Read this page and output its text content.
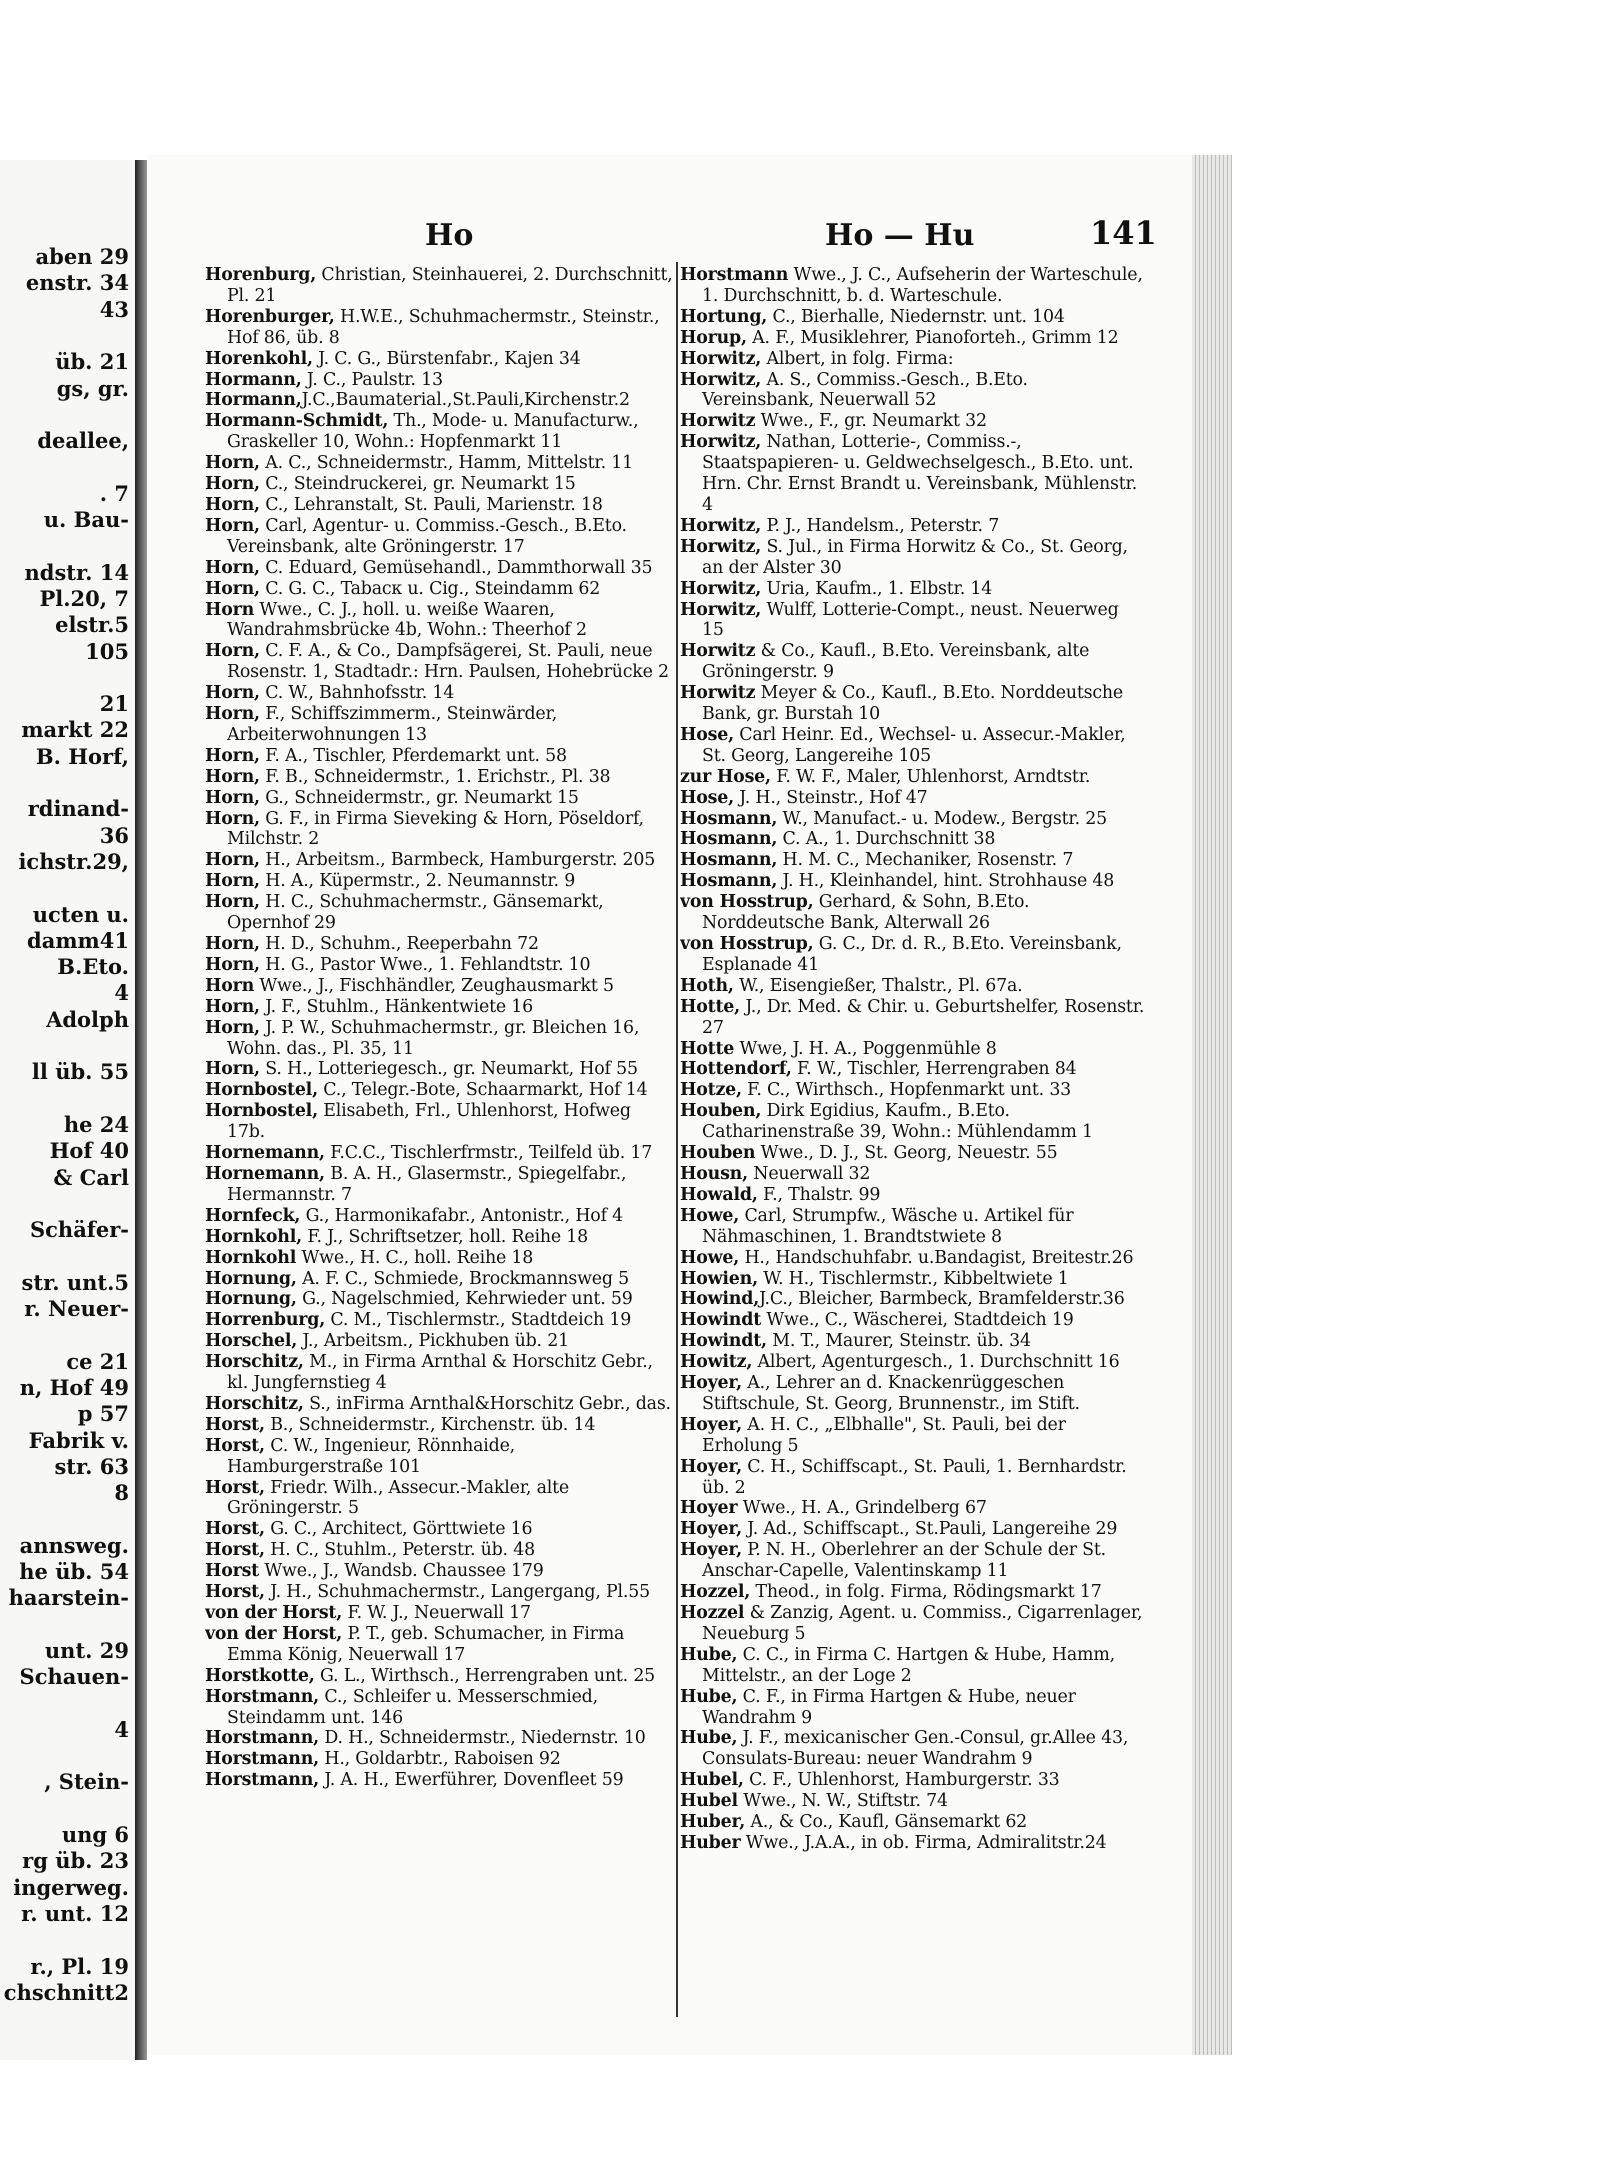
aben 29
enstr. 34
43
üb. 21
gs, gr.
deallee,
. 7
u. Bau-
ndstr. 14
Pl.20, 7
elstr.5
105
21
markt 22
B. Horf,
rdinand-
36
ichstr.29,
ucten u.
damm41
B.Eto.
4
Adolph
ll üb. 55
he 24
Hof 40
& Carl
Schäfer-
str. unt.5
r. Neuer-
ce 21
n, Hof 49
p 57
Fabrik v.
str. 63
8
annsweg.
he üb. 54
haarstein-
unt. 29
Schauen-
4
, Stein-
ung 6
rg üb. 23
ingerweg.
r. unt. 12
r., Pl. 19
chschnitt2
Ho	Ho — Hu	141

Horenburg, Christian, Steinhauerei, 2. Durchschnitt, Pl. 21

Horenburger, H.W.E., Schuhmachermstr., Steinstr., Hof 86, üb. 8

Horenkohl, J. C. G., Bürstenfabr., Kajen 34

Hormann, J. C., Paulstr. 13

Hormann,J.C.,Baumaterial.,St.Pauli,Kirchenstr.2

Hormann-Schmidt, Th., Mode- u. Manufacturw., Graskeller 10, Wohn.: Hopfenmarkt 11

Horn, A. C., Schneidermstr., Hamm, Mittelstr. 11

Horn, C., Steindruckerei, gr. Neumarkt 15

Horn, C., Lehranstalt, St. Pauli, Marienstr. 18

Horn, Carl, Agentur- u. Commiss.-Gesch., B.Eto. Vereinsbank, alte Gröningerstr. 17

Horn, C. Eduard, Gemüsehandl., Dammthorwall 35

Horn, C. G. C., Tabacк u. Cig., Steindamm 62

Horn Wwe., C. J., holl. u. weiße Waaren, Wandrahmsbrücke 4b, Wohn.: Theerhof 2

Horn, C. F. A., & Co., Dampfsägerei, St. Pauli, neue Rosenstr. 1, Stadtadr.: Hrn. Paulsen, Hohebrücke 2

Horn, C. W., Bahnhofsstr. 14

Horn, F., Schiffszimmerm., Steinwärder, Arbeiterwohnungen 13

Horn, F. A., Tischler, Pferdemarkt unt. 58

Horn, F. B., Schneidermstr., 1. Erichstr., Pl. 38

Horn, G., Schneidermstr., gr. Neumarkt 15

Horn, G. F., in Firma Sieveking & Horn, Pöseldorf, Milchstr. 2

Horn, H., Arbeitsm., Barmbeck, Hamburgerstr. 205

Horn, H. A., Küpermstr., 2. Neumannstr. 9

Horn, H. C., Schuhmachermstr., Gänsemarkt, Opernhof 29

Horn, H. D., Schuhm., Reeperbahn 72

Horn, H. G., Pastor Wwe., 1. Fehlandtstr. 10

Horn Wwe., J., Fischhändler, Zeughausmarkt 5

Horn, J. F., Stuhlm., Hänkentwiete 16

Horn, J. P. W., Schuhmachermstr., gr. Bleichen 16, Wohn. das., Pl. 35, 11

Horn, S. H., Lotteriegesch., gr. Neumarkt, Hof 55

Hornbostel, C., Telegr.-Bote, Schaarmarkt, Hof 14

Hornbostel, Elisabeth, Frl., Uhlenhorst, Hofweg 17b.

Hornemann, F.C.C., Tischlerfrmstr., Teilfeld üb. 17

Hornemann, B. A. H., Glasermstr., Spiegelfabr., Hermannstr. 7

Hornfeck, G., Harmonikafabr., Antonistr., Hof 4

Hornkohl, F. J., Schriftsetzer, holl. Reihe 18

Hornkohl Wwe., H. C., holl. Reihe 18

Hornung, A. F. C., Schmiede, Brockmannsweg 5

Hornung, G., Nagelschmied, Kehrwieder unt. 59

Horrenburg, C. M., Tischlermstr., Stadtdeich 19

Horschel, J., Arbeitsm., Pickhuben üb. 21

Horschitz, M., in Firma Arnthal & Horschitz Gebr., kl. Jungfernstieg 4

Horschitz, S., inFirma Arnthal&Horschitz Gebr., das.

Horst, B., Schneidermstr., Kirchenstr. üb. 14

Horst, C. W., Ingenieur, Rönnhaide, Hamburgerstraße 101

Horst, Friedr. Wilh., Assecur.-Makler, alte Gröningerstr. 5

Horst, G. C., Architect, Görttwiete 16

Horst, H. C., Stuhlm., Peterstr. üb. 48

Horst Wwe., J., Wandsb. Chaussee 179

Horst, J. H., Schuhmachermstr., Langergang, Pl.55

von der Horst, F. W. J., Neuerwall 17

von der Horst, P. T., geb. Schumacher, in Firma Emma König, Neuerwall 17

Horstkotte, G. L., Wirthsch., Herrengraben unt. 25

Horstmann, C., Schleifer u. Messerschmied, Steindamm unt. 146

Horstmann, D. H., Schneidermstr., Niedernstr. 10

Horstmann, H., Goldarbtr., Raboisen 92

Horstmann, J. A. H., Ewerführer, Dovenfleet 59

Horstmann Wwe., J. C., Aufseherin der Warteschule, 1. Durchschnitt, b. d. Warteschule.

Hortung, C., Bierhalle, Niedernstr. unt. 104

Horup, A. F., Musiklehrer, Pianoforteh., Grimm 12

Horwitz, Albert, in folg. Firma:

Horwitz, A. S., Commiss.-Gesch., B.Eto. Vereinsbank, Neuerwall 52

Horwitz Wwe., F., gr. Neumarkt 32

Horwitz, Nathan, Lotterie-, Commiss.-, Staatspapieren- u. Geldwechselgesch., B.Eto. unt. Hrn. Chr. Ernst Brandt u. Vereinsbank, Mühlenstr. 4

Horwitz, P. J., Handelsm., Peterstr. 7

Horwitz, S. Jul., in Firma Horwitz & Co., St. Georg, an der Alster 30

Horwitz, Uria, Kaufm., 1. Elbstr. 14

Horwitz, Wulff, Lotterie-Compt., neust. Neuerweg 15

Horwitz & Co., Kaufl., B.Eto. Vereinsbank, alte Gröningerstr. 9

Horwitz Meyer & Co., Kaufl., B.Eto. Norddeutsche Bank, gr. Burstah 10

Hose, Carl Heinr. Ed., Wechsel- u. Assecur.-Makler, St. Georg, Langereihe 105

zur Hose, F. W. F., Maler, Uhlenhorst, Arndtstr.

Hose, J. H., Steinstr., Hof 47

Hosmann, W., Manufact.- u. Modew., Bergstr. 25

Hosmann, C. A., 1. Durchschnitt 38

Hosmann, H. M. C., Mechaniker, Rosenstr. 7

Hosmann, J. H., Kleinhandel, hint. Strohhause 48

von Hosstrup, Gerhard, & Sohn, B.Eto. Norddeutsche Bank, Alterwall 26

von Hosstrup, G. C., Dr. d. R., B.Eto. Vereinsbank, Esplanade 41

Hoth, W., Eisengießer, Thalstr., Pl. 67a.

Hotte, J., Dr. Med. & Chir. u. Geburtshelfer, Rosenstr. 27

Hotte Wwe, J. H. A., Poggenmühle 8

Hottendorf, F. W., Tischler, Herrengraben 84

Hotze, F. C., Wirthsch., Hopfenmarkt unt. 33

Houben, Dirk Egidius, Kaufm., B.Eto. Catharinenstraße 39, Wohn.: Mühlendamm 1

Houben Wwe., D. J., St. Georg, Neuestr. 55

Housn, Neuerwall 32

Howald, F., Thalstr. 99

Howe, Carl, Strumpfw., Wäsche u. Artikel für Nähmaschinen, 1. Brandtstwiete 8

Howe, H., Handschuhfabr. u.Bandagist, Breitestr.26

Howien, W. H., Tischlermstr., Kibbeltwiete 1

Howind,J.C., Bleicher, Barmbeck, Bramfelderstr.36

Howindt Wwe., C., Wäscherei, Stadtdeich 19

Howindt, M. T., Maurer, Steinstr. üb. 34

Howitz, Albert, Agenturgesch., 1. Durchschnitt 16

Hoyer, A., Lehrer an d. Knackenrüggeschen Stiftschule, St. Georg, Brunnenstr., im Stift.

Hoyer, A. H. C., „Elbhalle", St. Pauli, bei der Erholung 5

Hoyer, C. H., Schiffscapt., St. Pauli, 1. Bernhardstr. üb. 2

Hoyer Wwe., H. A., Grindelberg 67

Hoyer, J. Ad., Schiffscapt., St.Pauli, Langereihe 29

Hoyer, P. N. H., Oberlehrer an der Schule der St. Anschar-Capelle, Valentinskamp 11

Hozzel, Theod., in folg. Firma, Rödingsmarkt 17

Hozzel & Zanzig, Agent. u. Commiss., Cigarrenlager, Neueburg 5

Hube, C. C., in Firma C. Hartgen & Hube, Hamm, Mittelstr., an der Loge 2

Hube, C. F., in Firma Hartgen & Hube, neuer Wandrahm 9

Hube, J. F., mexicanischer Gen.-Consul, gr.Allee 43, Consulats-Bureau: neuer Wandrahm 9

Hubel, C. F., Uhlenhorst, Hamburgerstr. 33

Hubel Wwe., N. W., Stiftstr. 74

Huber, A., & Co., Kaufl, Gänsemarkt 62

Huber Wwe., J.A.A., in ob. Firma, Admiralitstr.24
